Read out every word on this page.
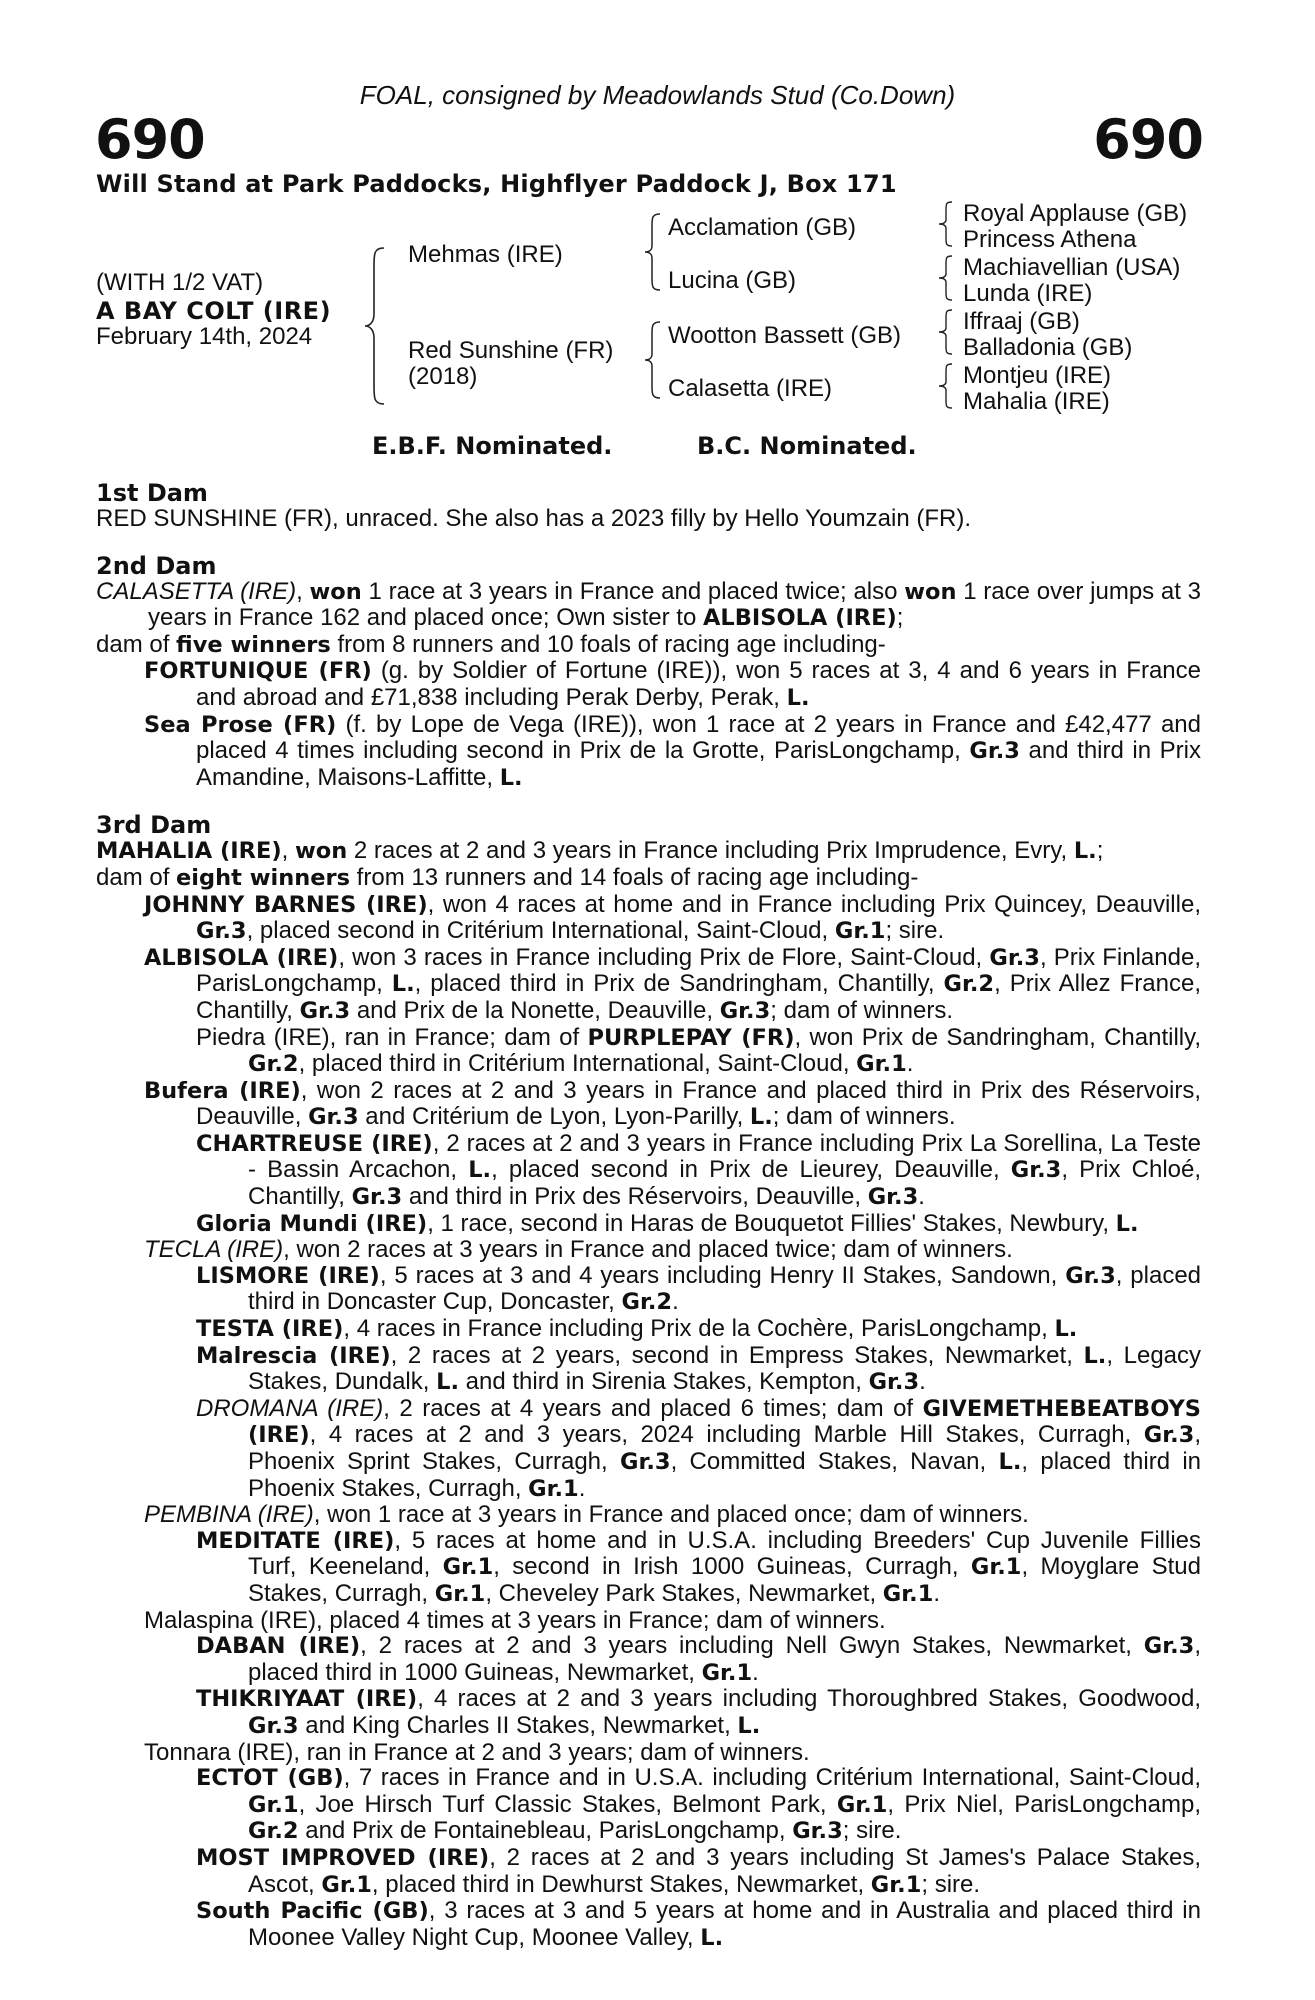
FOAL, consigned by Meadowlands Stud (Co.Down)
690	690
Will Stand at Park Paddocks, Highflyer Paddock J, Box 171
(WITH 1/2 VAT)
A BAY COLT (IRE)
February 14th, 2024
Mehmas (IRE)
Red Sunshine (FR)
(2018)
Acclamation (GB)
Lucina (GB)
Wootton Bassett (GB)
Calasetta (IRE)
Royal Applause (GB)
Princess Athena
Machiavellian (USA)
Lunda (IRE)
Iffraaj (GB)
Balladonia (GB)
Montjeu (IRE)
Mahalia (IRE)
E.B.F. Nominated.	B.C. Nominated.
1st Dam

RED SUNSHINE (FR), unraced. She also has a 2023 filly by Hello Youmzain (FR).

2nd Dam

CALASETTA (IRE), won 1 race at 3 years in France and placed twice; also won 1 race over jumps at 3 years in France 162 and placed once; Own sister to ALBISOLA (IRE);

dam of five winners from 8 runners and 10 foals of racing age including-

FORTUNIQUE (FR) (g. by Soldier of Fortune (IRE)), won 5 races at 3, 4 and 6 years in France and abroad and £71,838 including Perak Derby, Perak, L.

Sea Prose (FR) (f. by Lope de Vega (IRE)), won 1 race at 2 years in France and £42,477 and placed 4 times including second in Prix de la Grotte, ParisLongchamp, Gr.3 and third in Prix Amandine, Maisons-Laffitte, L.

3rd Dam

MAHALIA (IRE), won 2 races at 2 and 3 years in France including Prix Imprudence, Evry, L.;

dam of eight winners from 13 runners and 14 foals of racing age including-

JOHNNY BARNES (IRE), won 4 races at home and in France including Prix Quincey, Deauville, Gr.3, placed second in Critérium International, Saint-Cloud, Gr.1; sire.

ALBISOLA (IRE), won 3 races in France including Prix de Flore, Saint-Cloud, Gr.3, Prix Finlande, ParisLongchamp, L., placed third in Prix de Sandringham, Chantilly, Gr.2, Prix Allez France, Chantilly, Gr.3 and Prix de la Nonette, Deauville, Gr.3; dam of winners.

Piedra (IRE), ran in France; dam of PURPLEPAY (FR), won Prix de Sandringham, Chantilly, Gr.2, placed third in Critérium International, Saint-Cloud, Gr.1.

Bufera (IRE), won 2 races at 2 and 3 years in France and placed third in Prix des Réservoirs, Deauville, Gr.3 and Critérium de Lyon, Lyon-Parilly, L.; dam of winners.

CHARTREUSE (IRE), 2 races at 2 and 3 years in France including Prix La Sorellina, La Teste - Bassin Arcachon, L., placed second in Prix de Lieurey, Deauville, Gr.3, Prix Chloé, Chantilly, Gr.3 and third in Prix des Réservoirs, Deauville, Gr.3.

Gloria Mundi (IRE), 1 race, second in Haras de Bouquetot Fillies' Stakes, Newbury, L.

TECLA (IRE), won 2 races at 3 years in France and placed twice; dam of winners.

LISMORE (IRE), 5 races at 3 and 4 years including Henry II Stakes, Sandown, Gr.3, placed third in Doncaster Cup, Doncaster, Gr.2.

TESTA (IRE), 4 races in France including Prix de la Cochère, ParisLongchamp, L.

Malrescia (IRE), 2 races at 2 years, second in Empress Stakes, Newmarket, L., Legacy Stakes, Dundalk, L. and third in Sirenia Stakes, Kempton, Gr.3.

DROMANA (IRE), 2 races at 4 years and placed 6 times; dam of GIVEMETHEBEATBOYS (IRE), 4 races at 2 and 3 years, 2024 including Marble Hill Stakes, Curragh, Gr.3, Phoenix Sprint Stakes, Curragh, Gr.3, Committed Stakes, Navan, L., placed third in Phoenix Stakes, Curragh, Gr.1.

PEMBINA (IRE), won 1 race at 3 years in France and placed once; dam of winners.

MEDITATE (IRE), 5 races at home and in U.S.A. including Breeders' Cup Juvenile Fillies Turf, Keeneland, Gr.1, second in Irish 1000 Guineas, Curragh, Gr.1, Moyglare Stud Stakes, Curragh, Gr.1, Cheveley Park Stakes, Newmarket, Gr.1.

Malaspina (IRE), placed 4 times at 3 years in France; dam of winners.

DABAN (IRE), 2 races at 2 and 3 years including Nell Gwyn Stakes, Newmarket, Gr.3, placed third in 1000 Guineas, Newmarket, Gr.1.

THIKRIYAAT (IRE), 4 races at 2 and 3 years including Thoroughbred Stakes, Goodwood, Gr.3 and King Charles II Stakes, Newmarket, L.

Tonnara (IRE), ran in France at 2 and 3 years; dam of winners.

ECTOT (GB), 7 races in France and in U.S.A. including Critérium International, Saint-Cloud, Gr.1, Joe Hirsch Turf Classic Stakes, Belmont Park, Gr.1, Prix Niel, ParisLongchamp, Gr.2 and Prix de Fontainebleau, ParisLongchamp, Gr.3; sire.

MOST IMPROVED (IRE), 2 races at 2 and 3 years including St James's Palace Stakes, Ascot, Gr.1, placed third in Dewhurst Stakes, Newmarket, Gr.1; sire.

South Pacific (GB), 3 races at 3 and 5 years at home and in Australia and placed third in Moonee Valley Night Cup, Moonee Valley, L.
